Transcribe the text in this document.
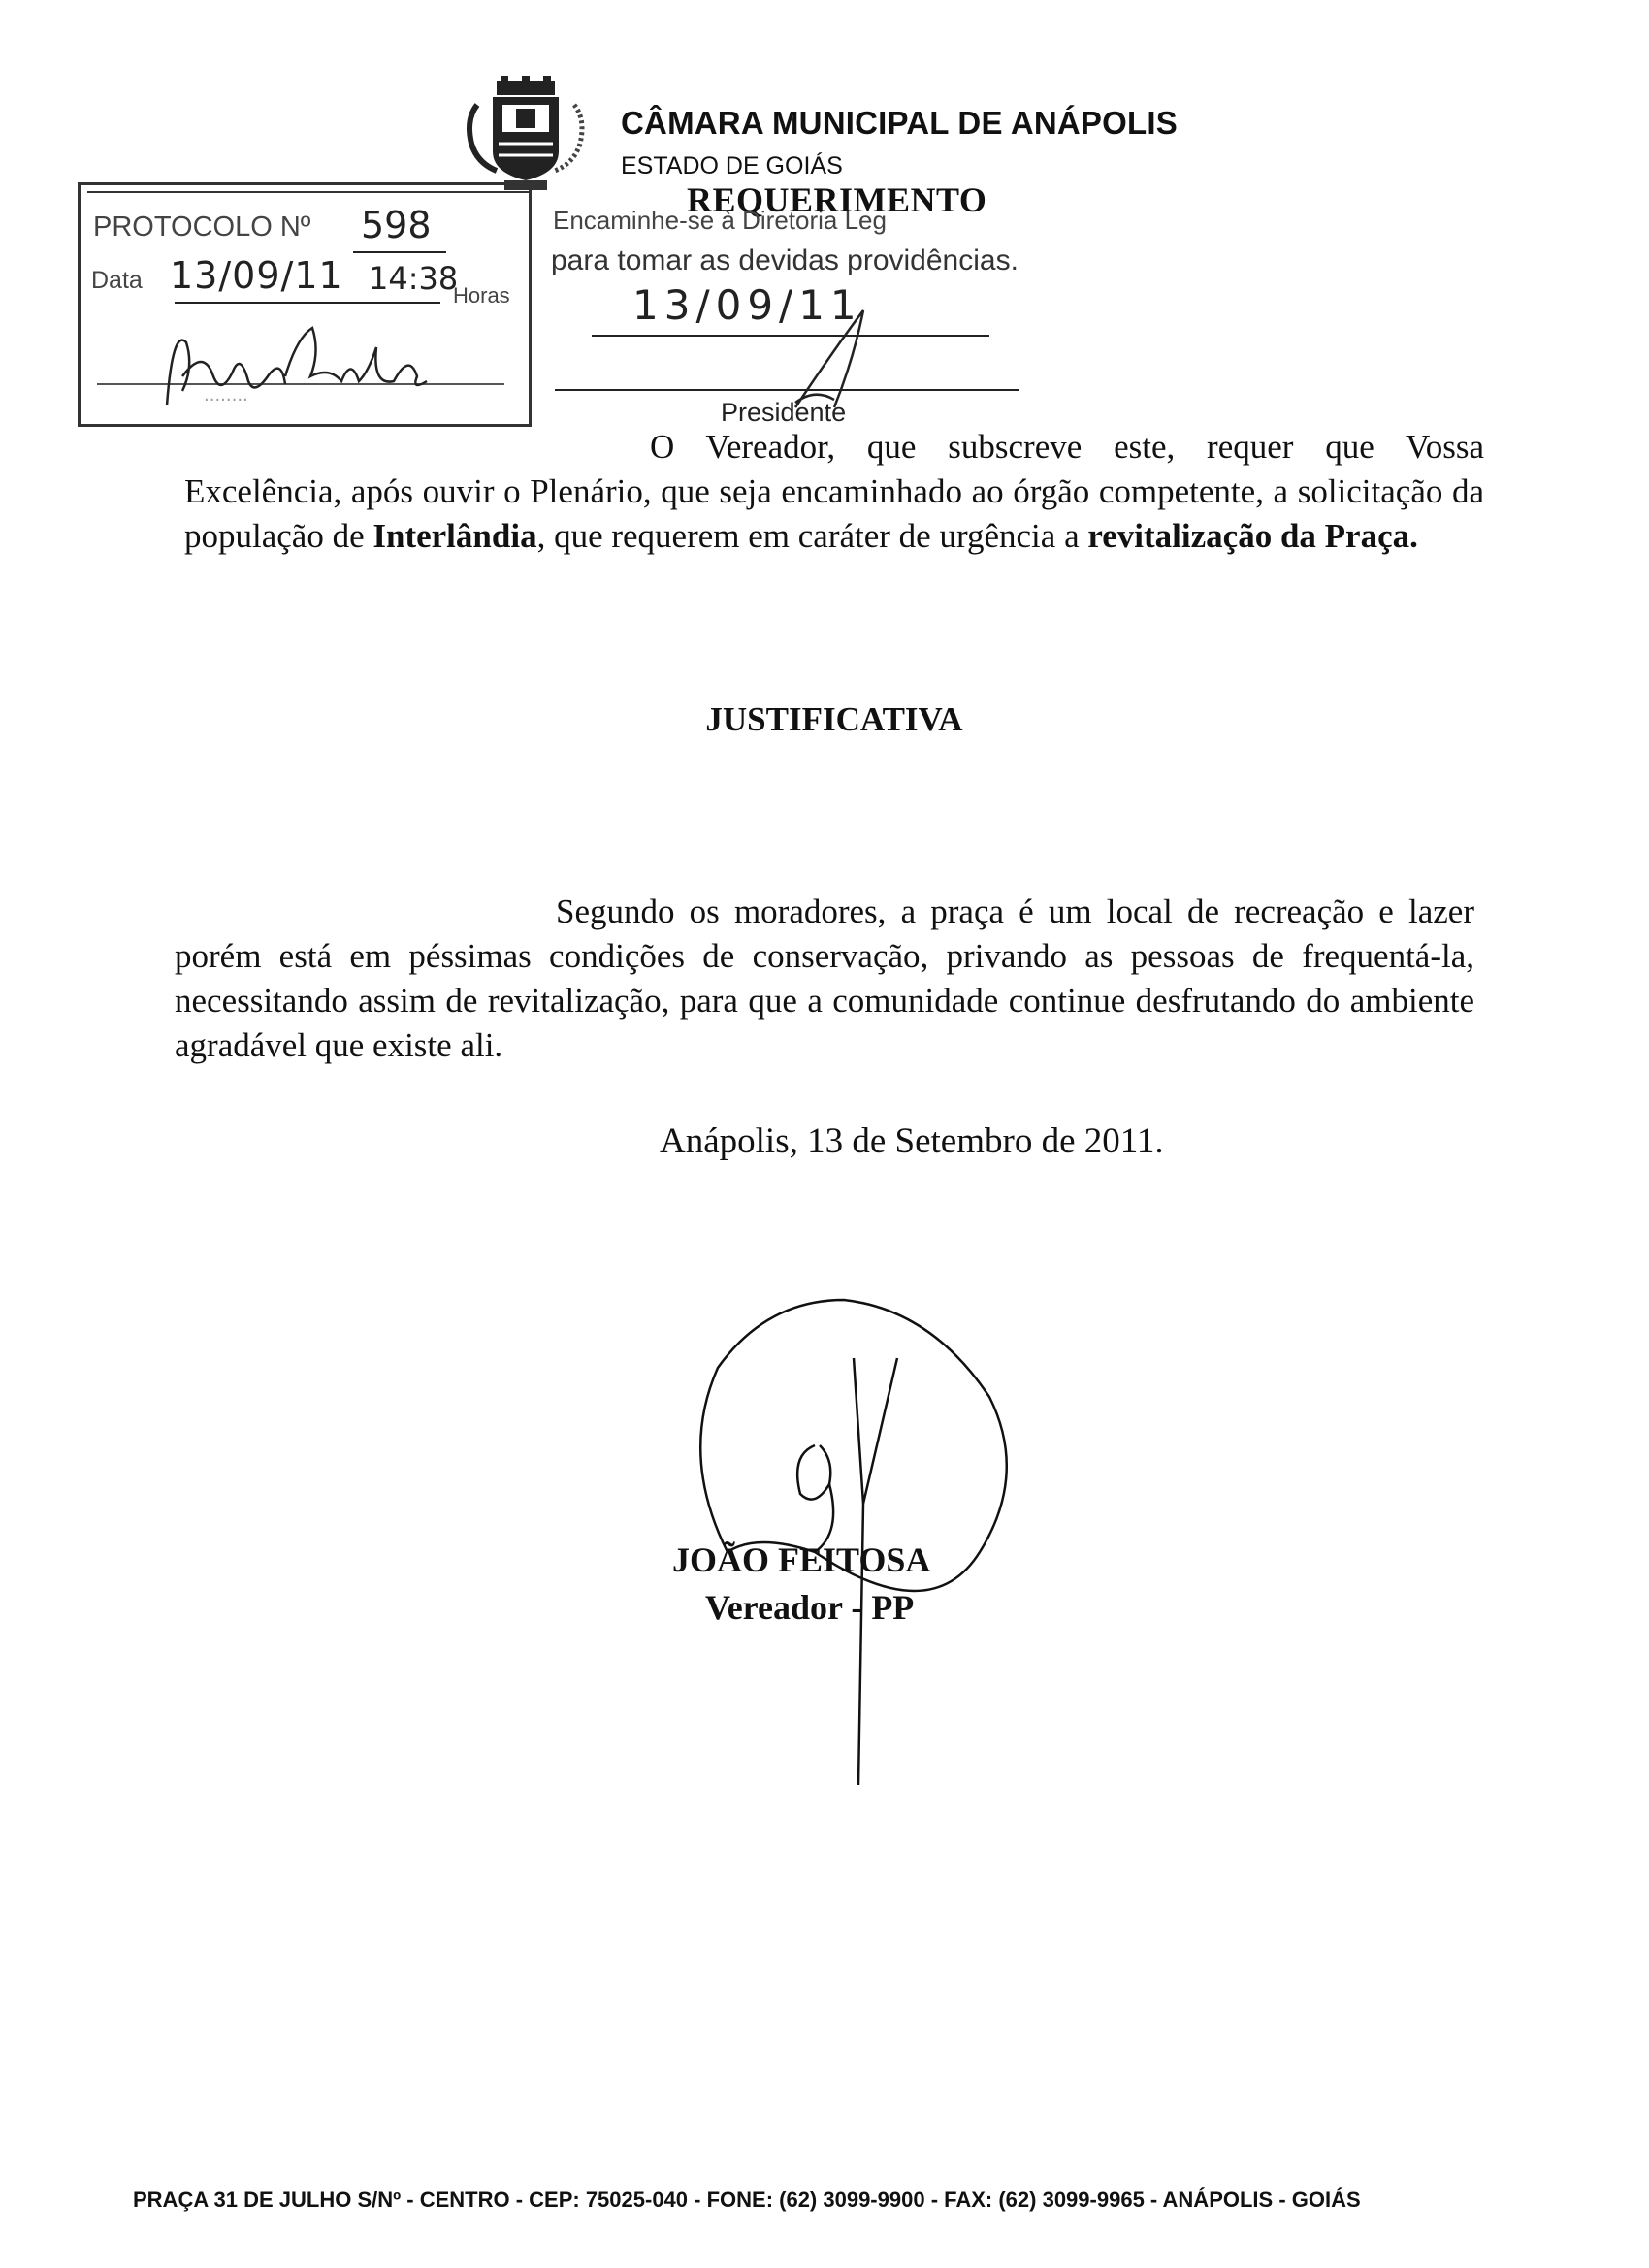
CÂMARA MUNICIPAL DE ANÁPOLIS
ESTADO DE GOIÁS
········
PROTOCOLO Nº 598
Data 13/09/11 14:38
Horas
REQUERIMENTO
Encaminhe-se à Diretoria Leg
para tomar as devidas providências.
13/09/11
Presidente
O Vereador, que subscreve este, requer que Vossa Excelência, após ouvir o Plenário, que seja encaminhado ao órgão competente, a solicitação da população de Interlândia, que requerem em caráter de urgência a revitalização da Praça.
JUSTIFICATIVA
Segundo os moradores, a praça é um local de recreação e lazer porém está em péssimas condições de conservação, privando as pessoas de frequentá-la, necessitando assim de revitalização, para que a comunidade continue desfrutando do ambiente agradável que existe ali.
Anápolis, 13 de Setembro de 2011.
JOÃO FEITOSA
Vereador - PP
PRAÇA 31 DE JULHO S/Nº - CENTRO - CEP: 75025-040 - FONE: (62) 3099-9900 - FAX: (62) 3099-9965 - ANÁPOLIS - GOIÁS
